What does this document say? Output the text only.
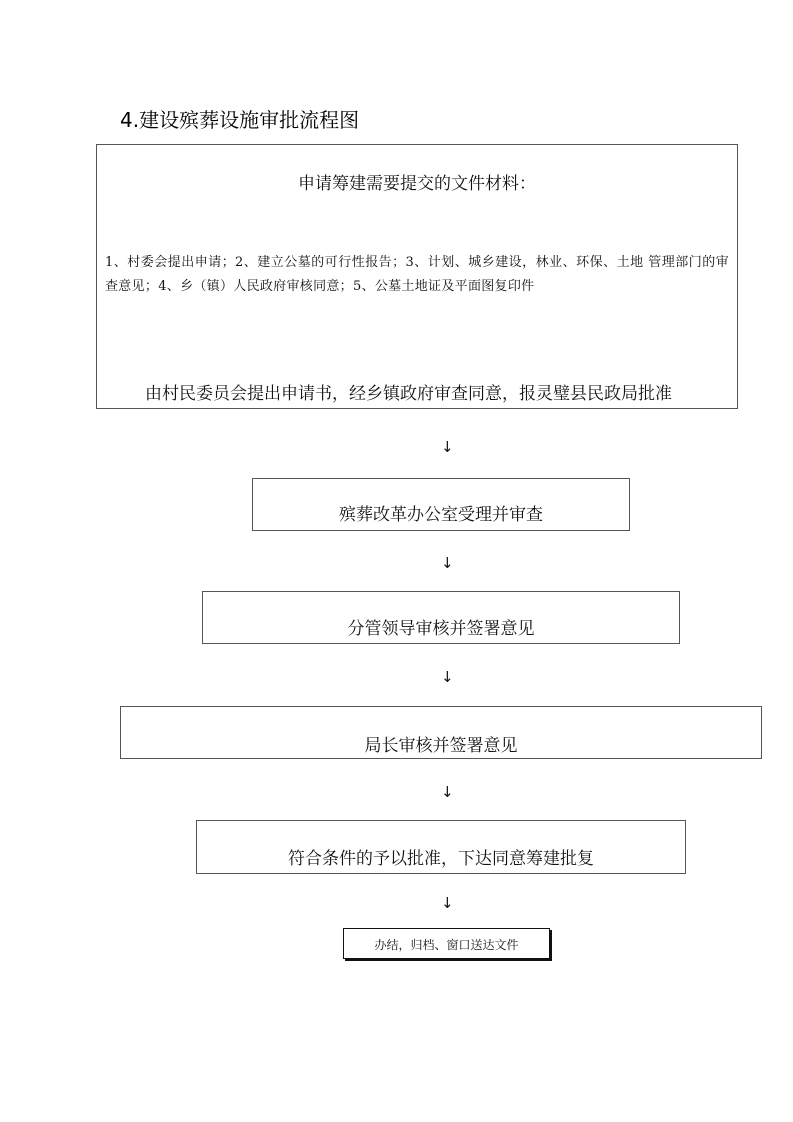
4.建设殡葬设施审批流程图
申请筹建需要提交的文件材料：
1、村委会提出申请；2、建立公墓的可行性报告；3、计划、城乡建设，林业、环保、土地 管理部门的审查意见；4、乡（镇）人民政府审核同意；5、公墓土地证及平面图复印件
由村民委员会提出申请书，经乡镇政府审查同意，报灵璧县民政局批准
↓
殡葬改革办公室受理并审查
↓
分管领导审核并签署意见
↓
局长审核并签署意见
↓
符合条件的予以批准，下达同意筹建批复
↓
办结，归档、窗口送达文件
